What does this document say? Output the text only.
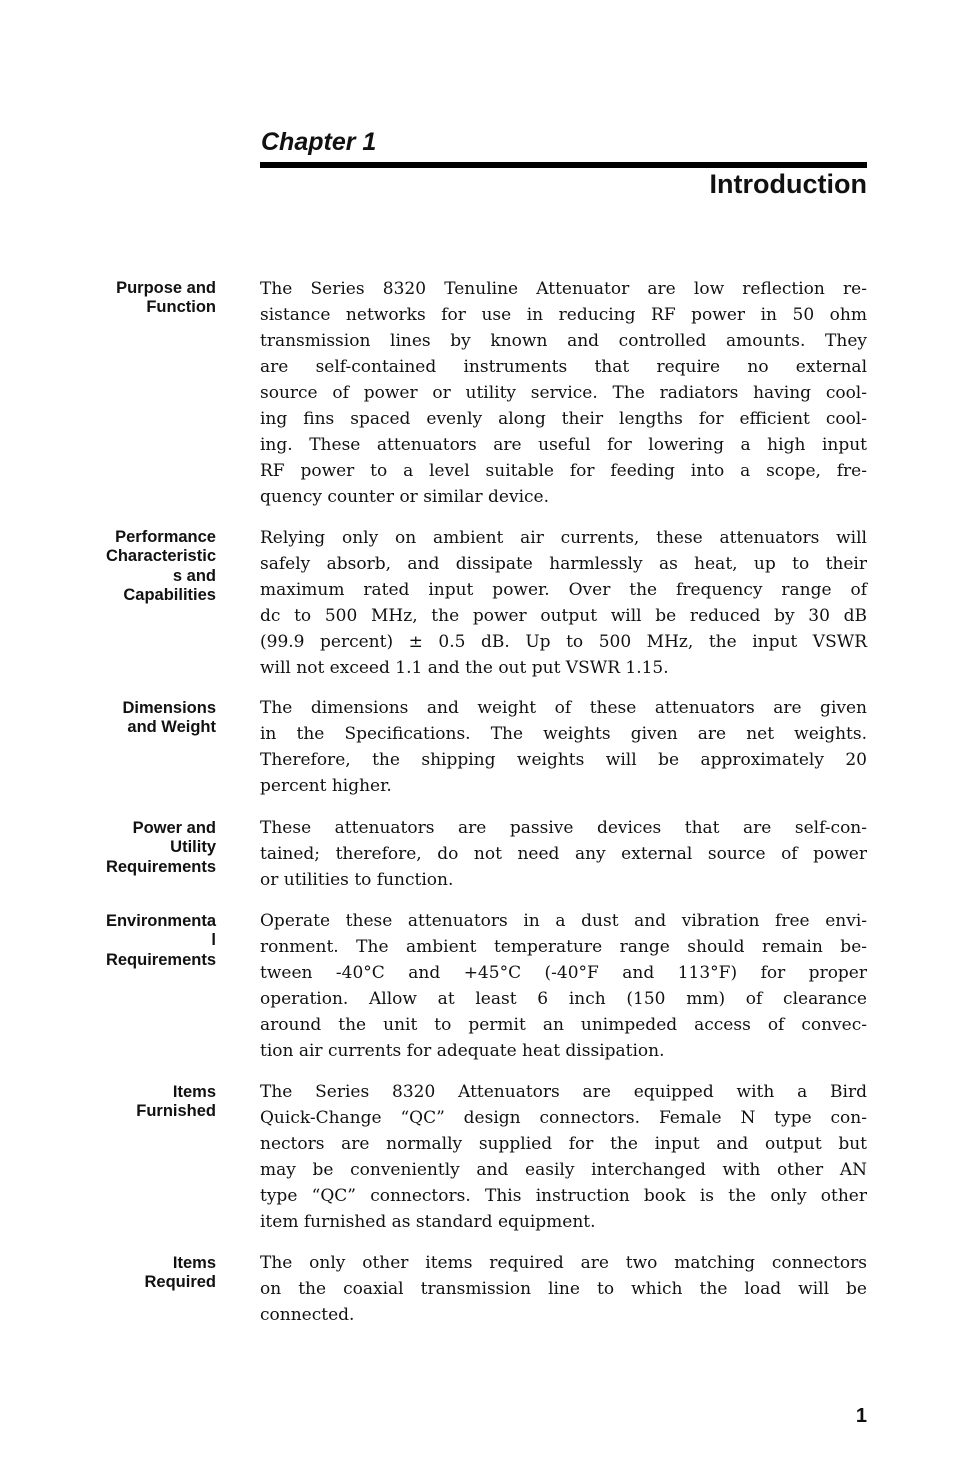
Chapter 1
Introduction
Purpose and
Function

The Series 8320 Tenuline Attenuator are low reflection re-
sistance networks for use in reducing RF power in 50 ohm
transmission lines by known and controlled amounts. They
are self-contained instruments that require no external
source of power or utility service. The radiators having cool-
ing fins spaced evenly along their lengths for efficient cool-
ing. These attenuators are useful for lowering a high input
RF power to a level suitable for feeding into a scope, fre-
quency counter or similar device.

Performance
Characteristic
s and
Capabilities

Relying only on ambient air currents, these attenuators will
safely absorb, and dissipate harmlessly as heat, up to their
maximum rated input power. Over the frequency range of
dc to 500 MHz, the power output will be reduced by 30 dB
(99.9 percent) ± 0.5 dB. Up to 500 MHz, the input VSWR
will not exceed 1.1 and the out put VSWR 1.15.

Dimensions
and Weight

The dimensions and weight of these attenuators are given
in the Specifications. The weights given are net weights.
Therefore, the shipping weights will be approximately 20
percent higher.

Power and
Utility
Requirements

These attenuators are passive devices that are self-con-
tained; therefore, do not need any external source of power
or utilities to function.

Environmenta
l
Requirements

Operate these attenuators in a dust and vibration free envi-
ronment. The ambient temperature range should remain be-
tween -40°C and +45°C (-40°F and 113°F) for proper
operation. Allow at least 6 inch (150 mm) of clearance
around the unit to permit an unimpeded access of convec-
tion air currents for adequate heat dissipation.

Items
Furnished

The Series 8320 Attenuators are equipped with a Bird
Quick-Change “QC” design connectors. Female N type con-
nectors are normally supplied for the input and output but
may be conveniently and easily interchanged with other AN
type “QC” connectors. This instruction book is the only other
item furnished as standard equipment.

Items
Required

The only other items required are two matching connectors
on the coaxial transmission line to which the load will be
connected.

1
